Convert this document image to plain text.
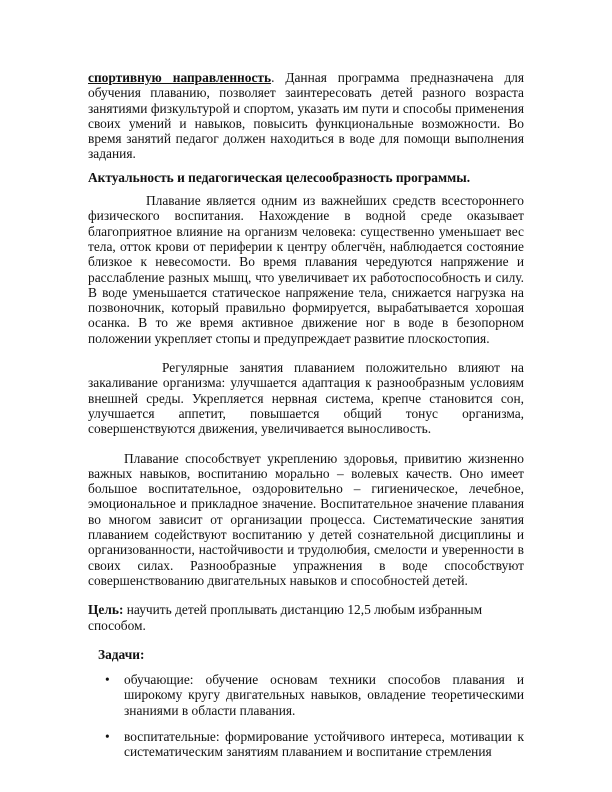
спортивную направленность. Данная программа предназначена для обучения плаванию, позволяет заинтересовать детей разного возраста занятиями физкультурой и спортом, указать им пути и способы применения своих умений и навыков, повысить функциональные возможности. Во время занятий педагог должен находиться в воде для помощи выполнения задания.

Актуальность и педагогическая целесообразность программы.

Плавание является одним из важнейших средств всестороннего физического воспитания. Нахождение в водной среде оказывает благоприятное влияние на организм человека: существенно уменьшает вес тела, отток крови от периферии к центру облегчён, наблюдается состояние близкое к невесомости. Во время плавания чередуются напряжение и расслабление разных мышц, что увеличивает их работоспособность и силу. В воде уменьшается статическое напряжение тела, снижается нагрузка на позвоночник, который правильно формируется, вырабатывается хорошая осанка. В то же время активное движение ног в воде в безопорном положении укрепляет стопы и предупреждает развитие плоскостопия.

Регулярные занятия плаванием положительно влияют на закаливание организма: улучшается адаптация к разнообразным условиям внешней среды. Укрепляется нервная система, крепче становится сон, улучшается аппетит, повышается общий тонус организма, совершенствуются движения, увеличивается выносливость.

Плавание способствует укреплению здоровья, привитию жизненно важных навыков, воспитанию морально – волевых качеств. Оно имеет большое воспитательное, оздоровительно – гигиеническое, лечебное, эмоциональное и прикладное значение. Воспитательное значение плавания во многом зависит от организации процесса. Систематические занятия плаванием содействуют воспитанию у детей сознательной дисциплины и организованности, настойчивости и трудолюбия, смелости и уверенности в своих силах. Разнообразные упражнения в воде способствуют совершенствованию двигательных навыков и способностей детей.

Цель: научить детей проплывать дистанцию 12,5 любым избранным способом.

Задачи:

• обучающие: обучение основам техники способов плавания и широкому кругу двигательных навыков, овладение теоретическими знаниями в области плавания.

• воспитательные: формирование устойчивого интереса, мотивации к систематическим занятиям плаванием и воспитание стремления
